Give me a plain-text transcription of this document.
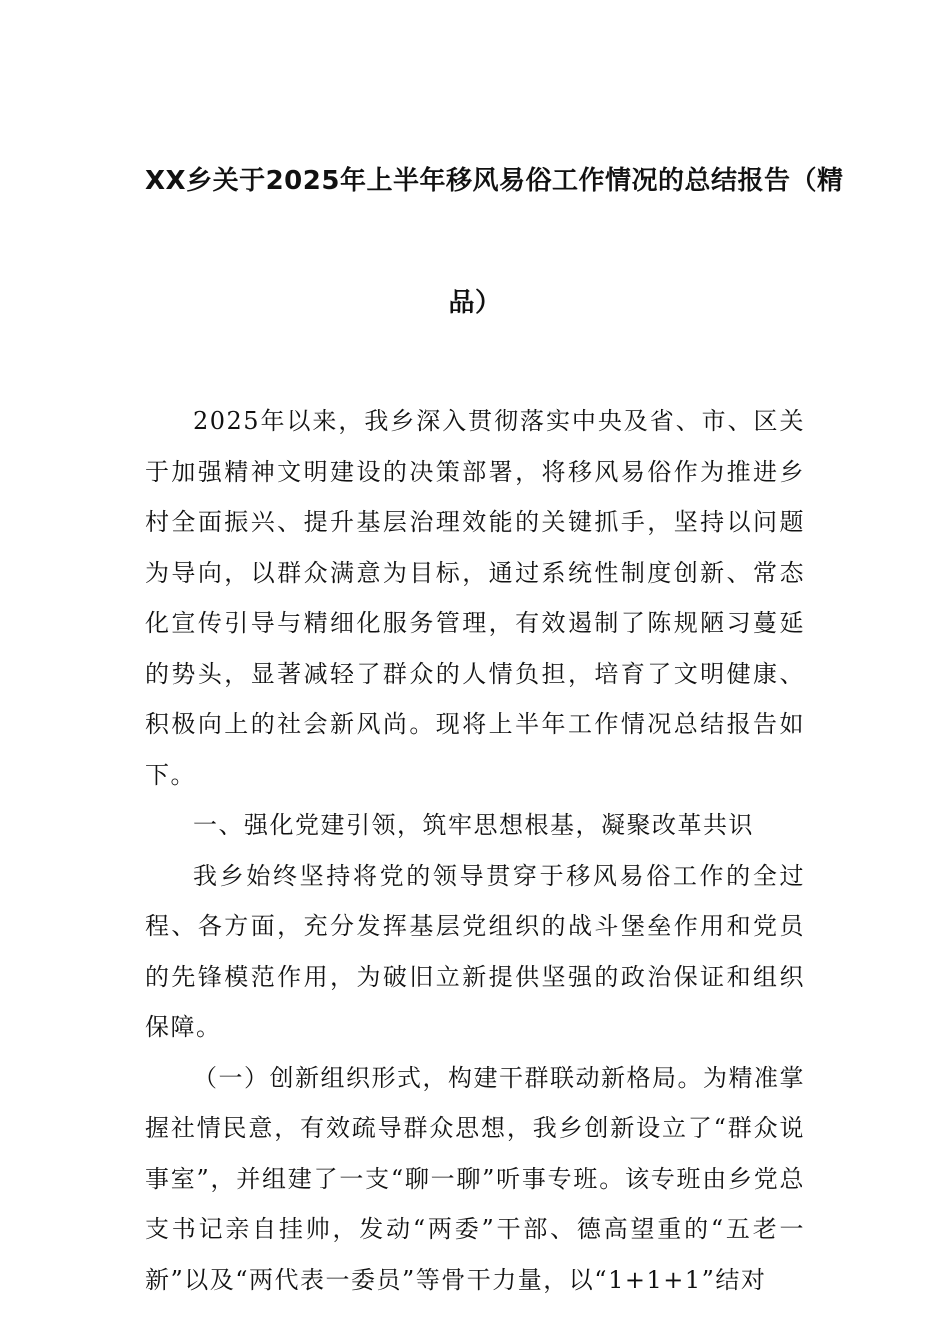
XX乡关于2025年上半年移风易俗工作情况的总结报告（精
品）

2025年以来，我乡深入贯彻落实中央及省、市、区关于加强精神文明建设的决策部署，将移风易俗作为推进乡村全面振兴、提升基层治理效能的关键抓手，坚持以问题为导向，以群众满意为目标，通过系统性制度创新、常态化宣传引导与精细化服务管理，有效遏制了陈规陋习蔓延的势头，显著减轻了群众的人情负担，培育了文明健康、积极向上的社会新风尚。现将上半年工作情况总结报告如下。

一、强化党建引领，筑牢思想根基，凝聚改革共识

我乡始终坚持将党的领导贯穿于移风易俗工作的全过程、各方面，充分发挥基层党组织的战斗堡垒作用和党员的先锋模范作用，为破旧立新提供坚强的政治保证和组织保障。

（一）创新组织形式，构建干群联动新格局。为精准掌握社情民意，有效疏导群众思想，我乡创新设立了“群众说事室”，并组建了一支“聊一聊”听事专班。该专班由乡党总支书记亲自挂帅，发动“两委”干部、德高望重的“五老一新”以及“两代表一委员”等骨干力量，以“1+1+1”结对
